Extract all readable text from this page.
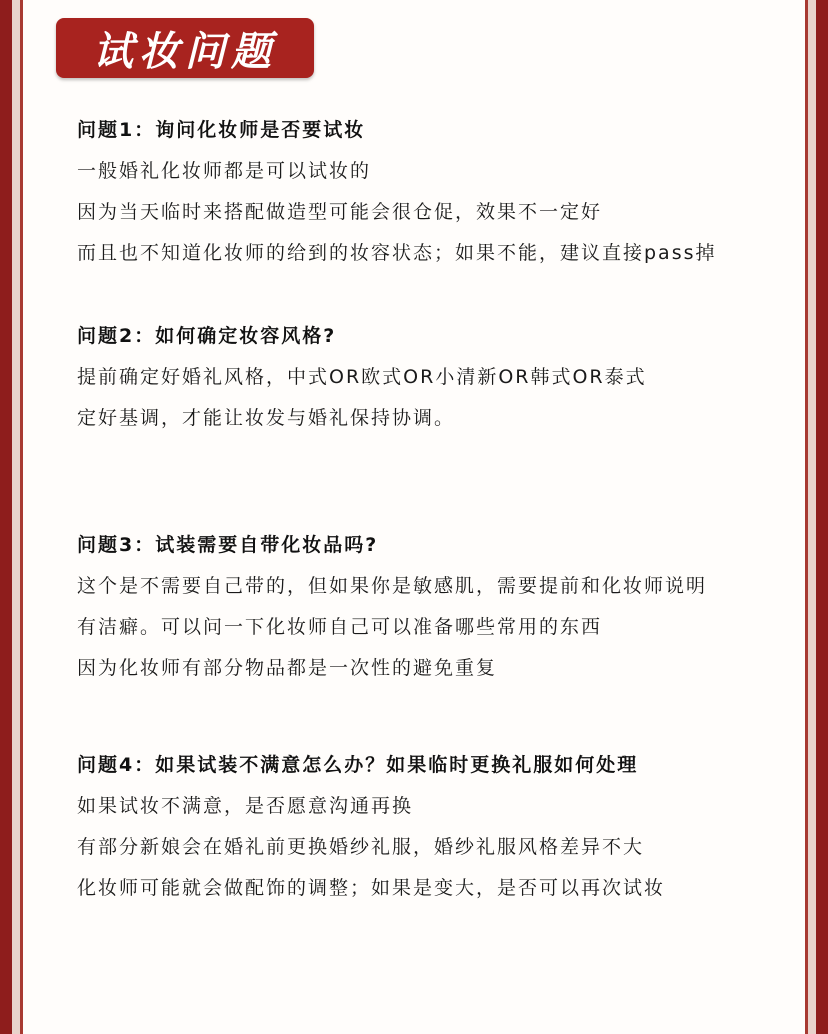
试妆问题
问题1：询问化妆师是否要试妆
一般婚礼化妆师都是可以试妆的
因为当天临时来搭配做造型可能会很仓促，效果不一定好
而且也不知道化妆师的给到的妆容状态；如果不能，建议直接pass掉
问题2：如何确定妆容风格?
提前确定好婚礼风格，中式OR欧式OR小清新OR韩式OR泰式
定好基调，才能让妆发与婚礼保持协调。
问题3：试装需要自带化妆品吗?
这个是不需要自己带的，但如果你是敏感肌，需要提前和化妆师说明
有洁癖。可以问一下化妆师自己可以准备哪些常用的东西
因为化妆师有部分物品都是一次性的避免重复
问题4：如果试装不满意怎么办？如果临时更换礼服如何处理
如果试妆不满意，是否愿意沟通再换
有部分新娘会在婚礼前更换婚纱礼服，婚纱礼服风格差异不大
化妆师可能就会做配饰的调整；如果是变大，是否可以再次试妆
